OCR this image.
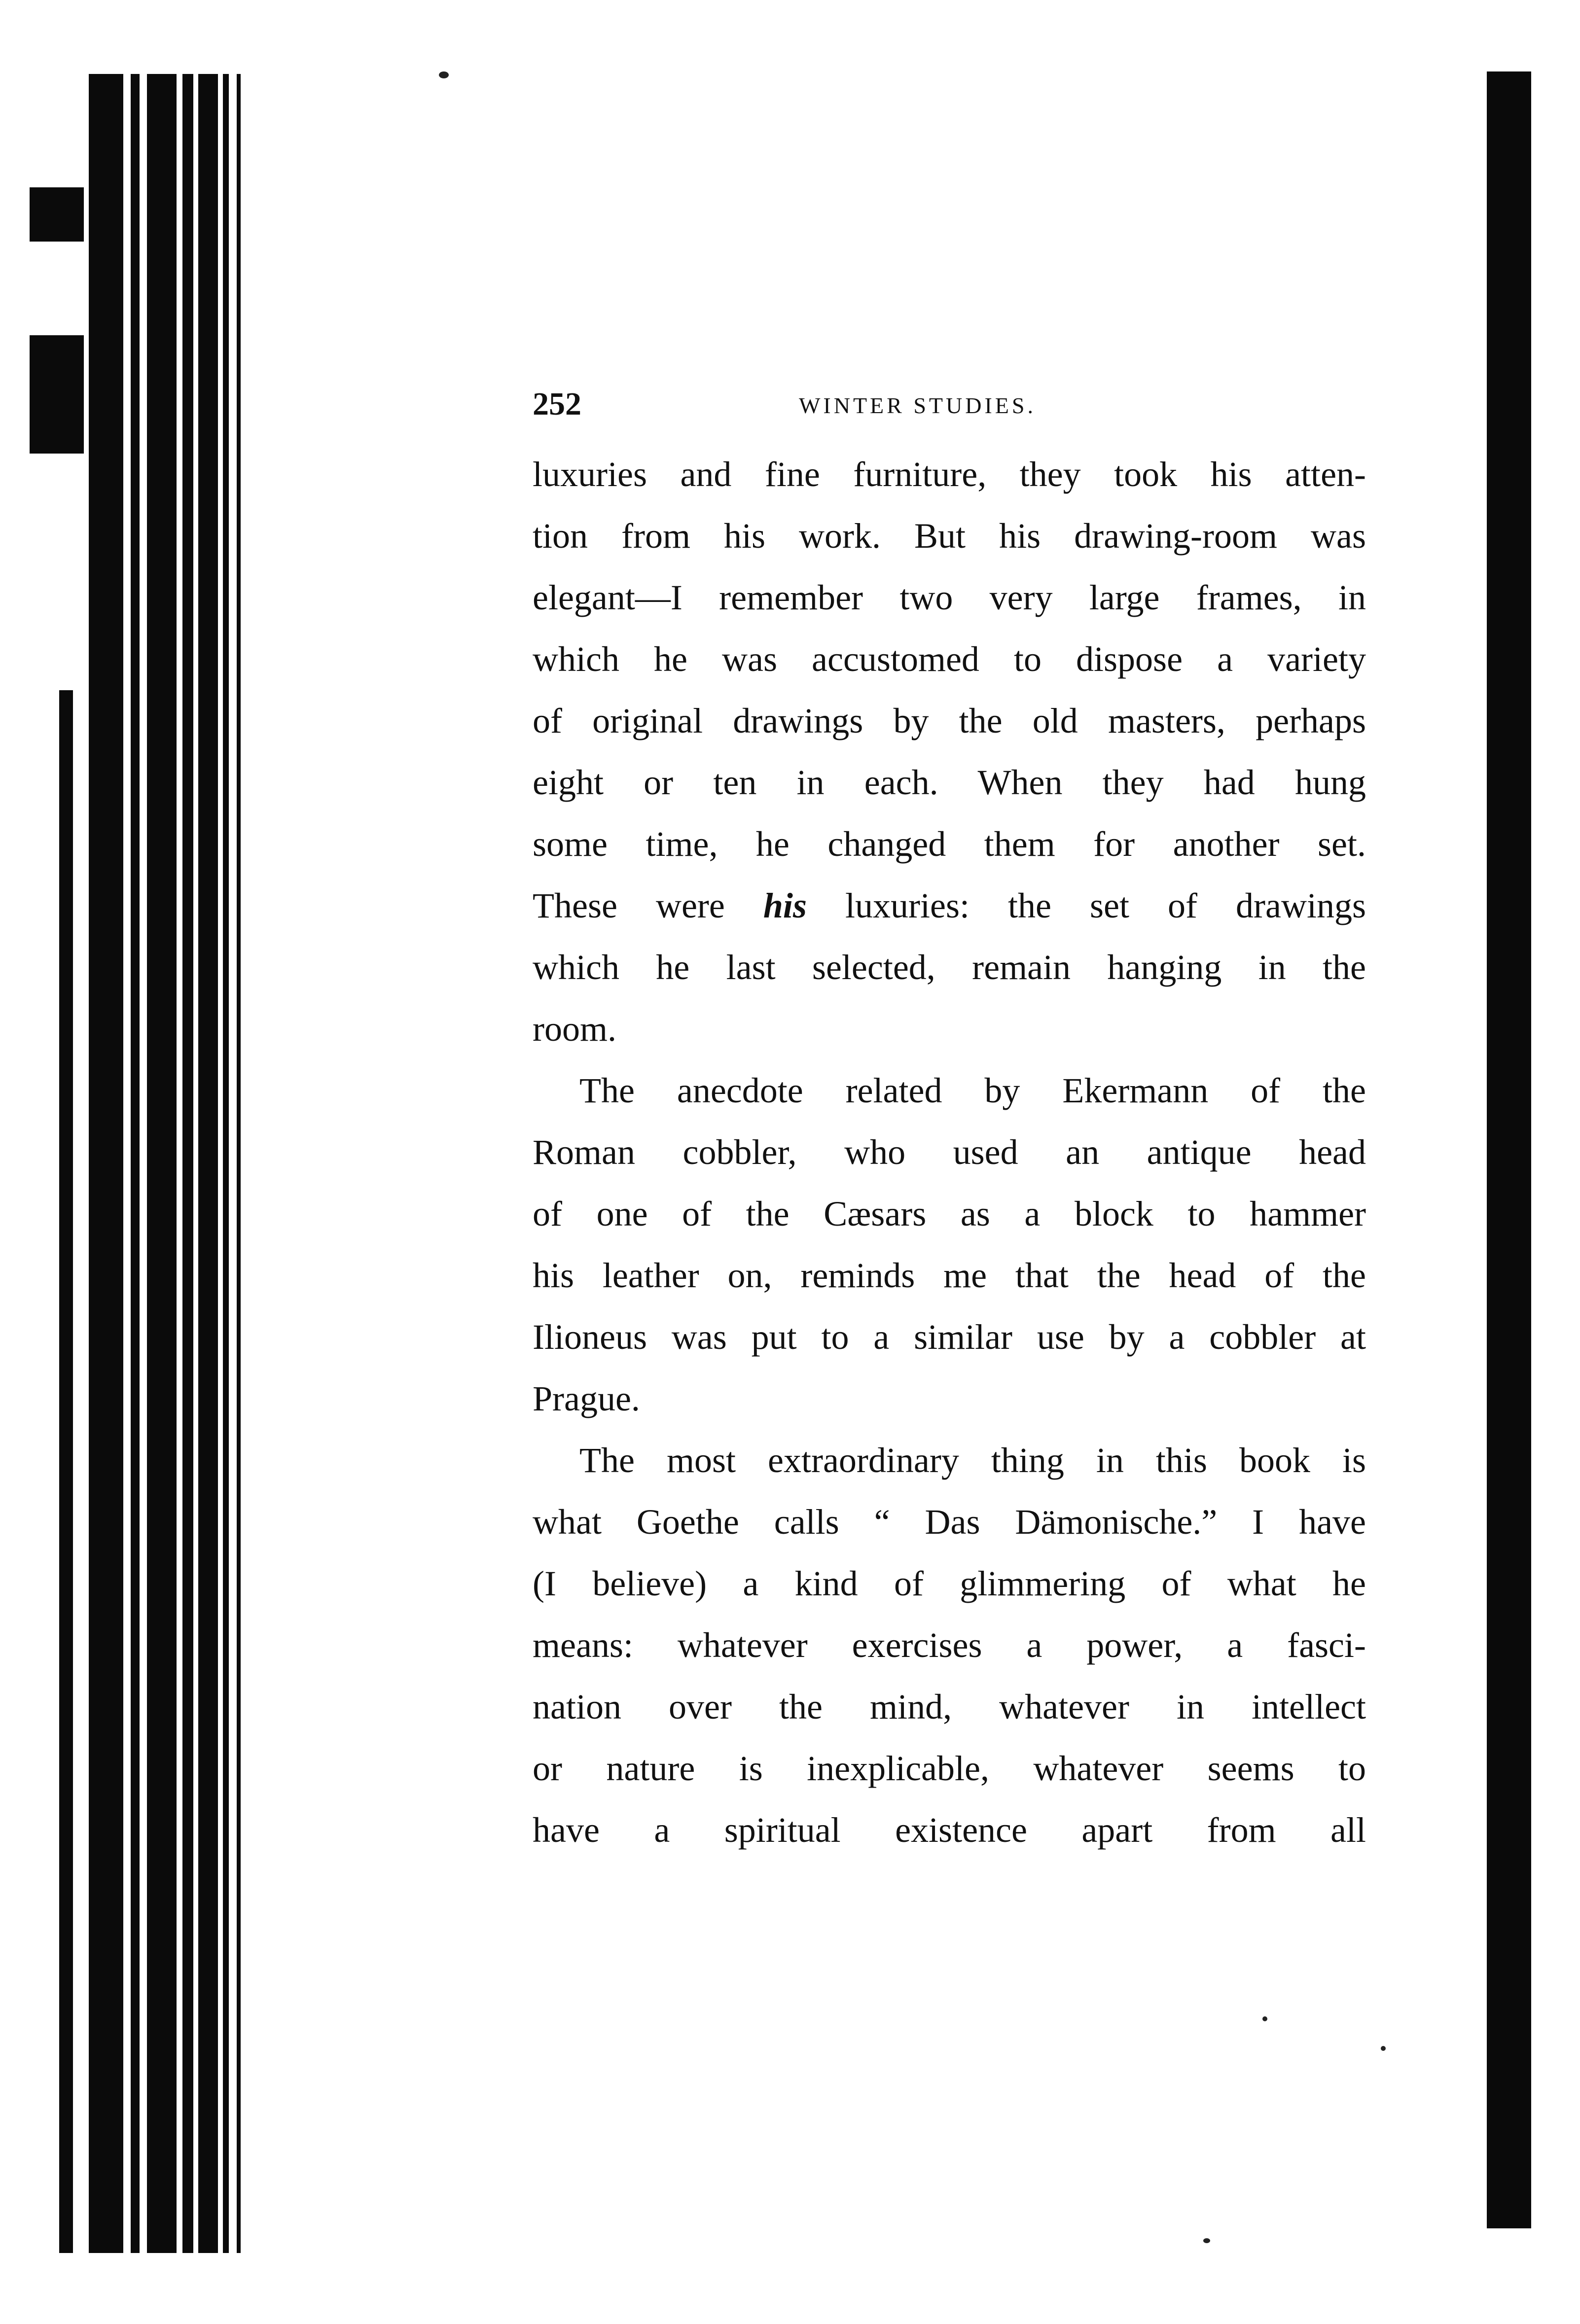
252	WINTER STUDIES.
luxuries and fine furniture, they took his atten-
tion from his work. But his drawing-room was
elegant—I remember two very large frames, in
which he was accustomed to dispose a variety
of original drawings by the old masters, perhaps
eight or ten in each. When they had hung
some time, he changed them for another set.
These were his luxuries: the set of drawings
which he last selected, remain hanging in the
room.
The anecdote related by Ekermann of the
Roman cobbler, who used an antique head
of one of the Cæsars as a block to hammer
his leather on, reminds me that the head of the
Ilioneus was put to a similar use by a cobbler at
Prague.
The most extraordinary thing in this book is
what Goethe calls “ Das Dämonische.” I have
(I believe) a kind of glimmering of what he
means: whatever exercises a power, a fasci-
nation over the mind, whatever in intellect
or nature is inexplicable, whatever seems to
have a spiritual existence apart from all
